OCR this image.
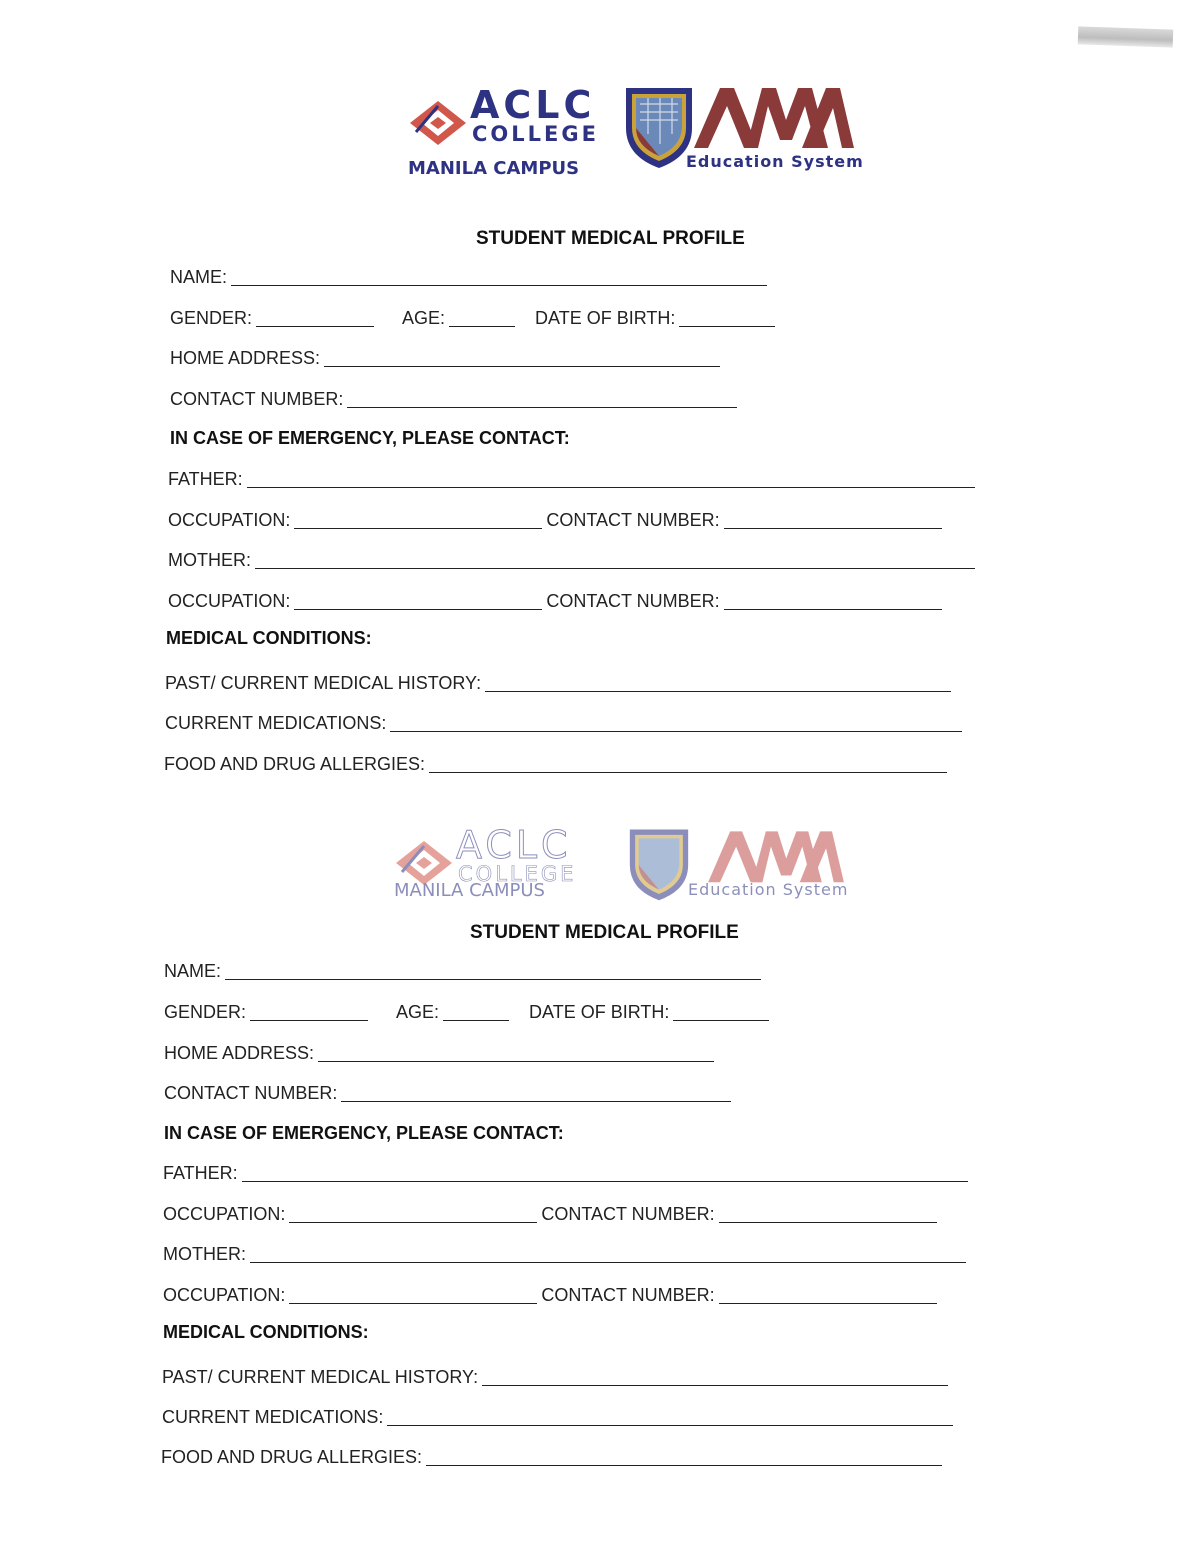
ACLC
COLLEGE
MANILA CAMPUS	Education System
STUDENT MEDICAL PROFILE
NAME:
GENDER:	AGE:	DATE OF BIRTH:
HOME ADDRESS:
CONTACT NUMBER:
IN CASE OF EMERGENCY, PLEASE CONTACT:
FATHER:
OCCUPATION:	CONTACT NUMBER:
MOTHER:
OCCUPATION:	CONTACT NUMBER:
MEDICAL CONDITIONS:
PAST/ CURRENT MEDICAL HISTORY:
CURRENT MEDICATIONS:
FOOD AND DRUG ALLERGIES:
ACLC
COLLEGE
MANILA CAMPUS	Education System
STUDENT MEDICAL PROFILE
NAME:
GENDER:	AGE:	DATE OF BIRTH:
HOME ADDRESS:
CONTACT NUMBER:
IN CASE OF EMERGENCY, PLEASE CONTACT:
FATHER:
OCCUPATION:	CONTACT NUMBER:
MOTHER:
OCCUPATION:	CONTACT NUMBER:
MEDICAL CONDITIONS:
PAST/ CURRENT MEDICAL HISTORY:
CURRENT MEDICATIONS:
FOOD AND DRUG ALLERGIES:
